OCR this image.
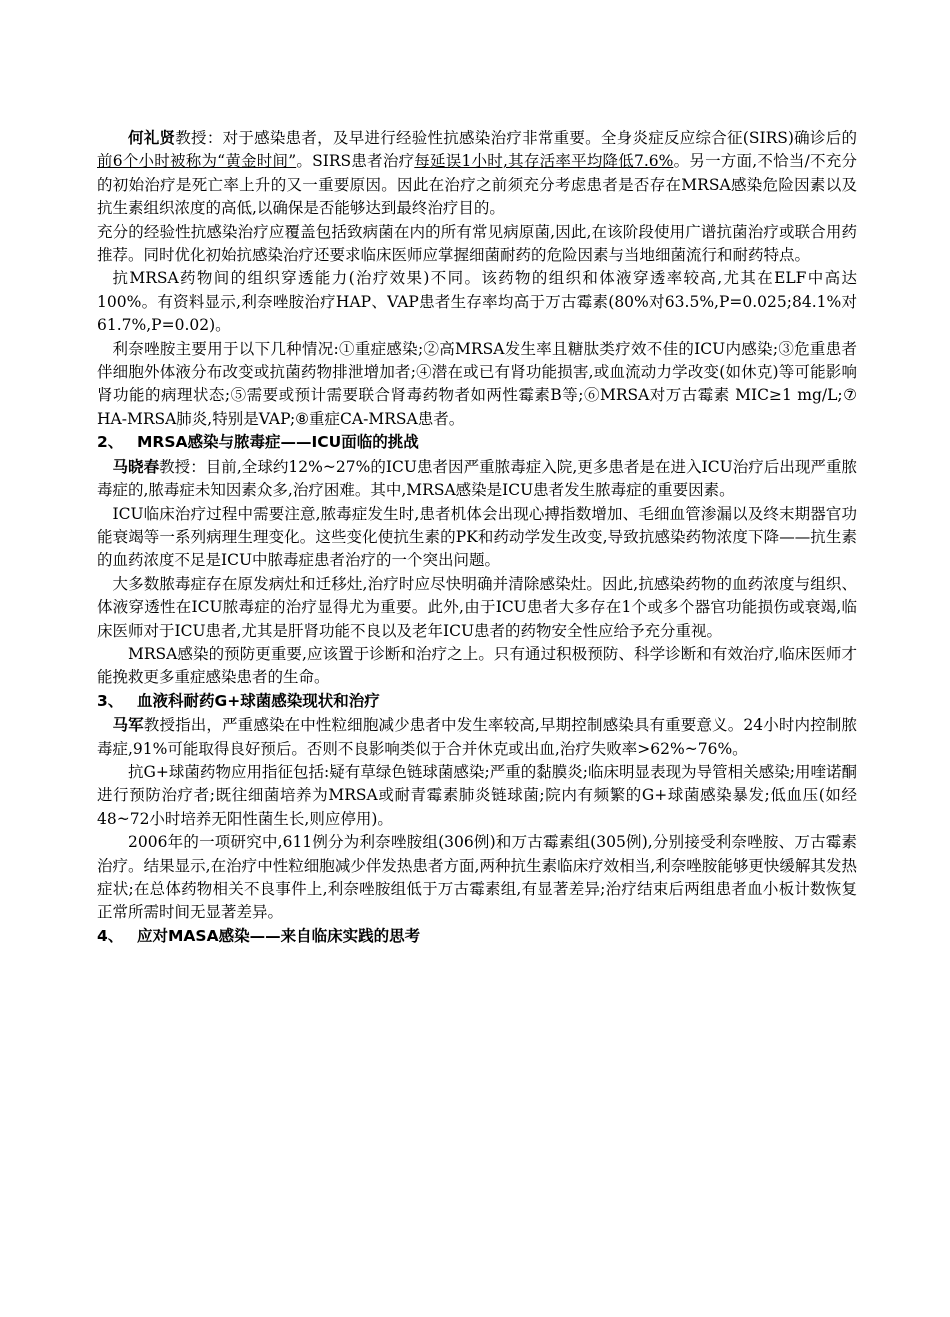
何礼贤教授：对于感染患者，及早进行经验性抗感染治疗非常重要。全身炎症反应综合征(SIRS)确诊后的前6个小时被称为“黄金时间”。SIRS患者治疗每延误1小时,其存活率平均降低7.6%。另一方面,不恰当/不充分的初始治疗是死亡率上升的又一重要原因。因此在治疗之前须充分考虑患者是否存在MRSA感染危险因素以及抗生素组织浓度的高低,以确保是否能够达到最终治疗目的。

充分的经验性抗感染治疗应覆盖包括致病菌在内的所有常见病原菌,因此,在该阶段使用广谱抗菌治疗或联合用药推荐。同时优化初始抗感染治疗还要求临床医师应掌握细菌耐药的危险因素与当地细菌流行和耐药特点。

抗MRSA药物间的组织穿透能力(治疗效果)不同。该药物的组织和体液穿透率较高,尤其在ELF中高达100%。有资料显示,利奈唑胺治疗HAP、VAP患者生存率均高于万古霉素(80%对63.5%,P=0.025;84.1%对61.7%,P=0.02)。

利奈唑胺主要用于以下几种情况:①重症感染;②高MRSA发生率且糖肽类疗效不佳的ICU内感染;③危重患者伴细胞外体液分布改变或抗菌药物排泄增加者;④潜在或已有肾功能损害,或血流动力学改变(如休克)等可能影响肾功能的病理状态;⑤需要或预计需要联合肾毒药物者如两性霉素B等;⑥MRSA对万古霉素 MIC≥1 mg/L;⑦ HA-MRSA肺炎,特别是VAP;⑧重症CA-MRSA患者。

2、 MRSA感染与脓毒症——ICU面临的挑战

马晓春教授：目前,全球约12%~27%的ICU患者因严重脓毒症入院,更多患者是在进入ICU治疗后出现严重脓毒症的,脓毒症未知因素众多,治疗困难。其中,MRSA感染是ICU患者发生脓毒症的重要因素。

ICU临床治疗过程中需要注意,脓毒症发生时,患者机体会出现心搏指数增加、毛细血管渗漏以及终末期器官功能衰竭等一系列病理生理变化。这些变化使抗生素的PK和药动学发生改变,导致抗感染药物浓度下降——抗生素的血药浓度不足是ICU中脓毒症患者治疗的一个突出问题。

大多数脓毒症存在原发病灶和迁移灶,治疗时应尽快明确并清除感染灶。因此,抗感染药物的血药浓度与组织、体液穿透性在ICU脓毒症的治疗显得尤为重要。此外,由于ICU患者大多存在1个或多个器官功能损伤或衰竭,临床医师对于ICU患者,尤其是肝肾功能不良以及老年ICU患者的药物安全性应给予充分重视。

MRSA感染的预防更重要,应该置于诊断和治疗之上。只有通过积极预防、科学诊断和有效治疗,临床医师才能挽救更多重症感染患者的生命。

3、 血液科耐药G+球菌感染现状和治疗

马军教授指出，严重感染在中性粒细胞减少患者中发生率较高,早期控制感染具有重要意义。24小时内控制脓毒症,91%可能取得良好预后。否则不良影响类似于合并休克或出血,治疗失败率>62%~76%。

抗G+球菌药物应用指征包括:疑有草绿色链球菌感染;严重的黏膜炎;临床明显表现为导管相关感染;用喹诺酮进行预防治疗者;既往细菌培养为MRSA或耐青霉素肺炎链球菌;院内有频繁的G+球菌感染暴发;低血压(如经48~72小时培养无阳性菌生长,则应停用)。

2006年的一项研究中,611例分为利奈唑胺组(306例)和万古霉素组(305例),分别接受利奈唑胺、万古霉素治疗。结果显示,在治疗中性粒细胞减少伴发热患者方面,两种抗生素临床疗效相当,利奈唑胺能够更快缓解其发热症状;在总体药物相关不良事件上,利奈唑胺组低于万古霉素组,有显著差异;治疗结束后两组患者血小板计数恢复正常所需时间无显著差异。

4、 应对MASA感染——来自临床实践的思考
